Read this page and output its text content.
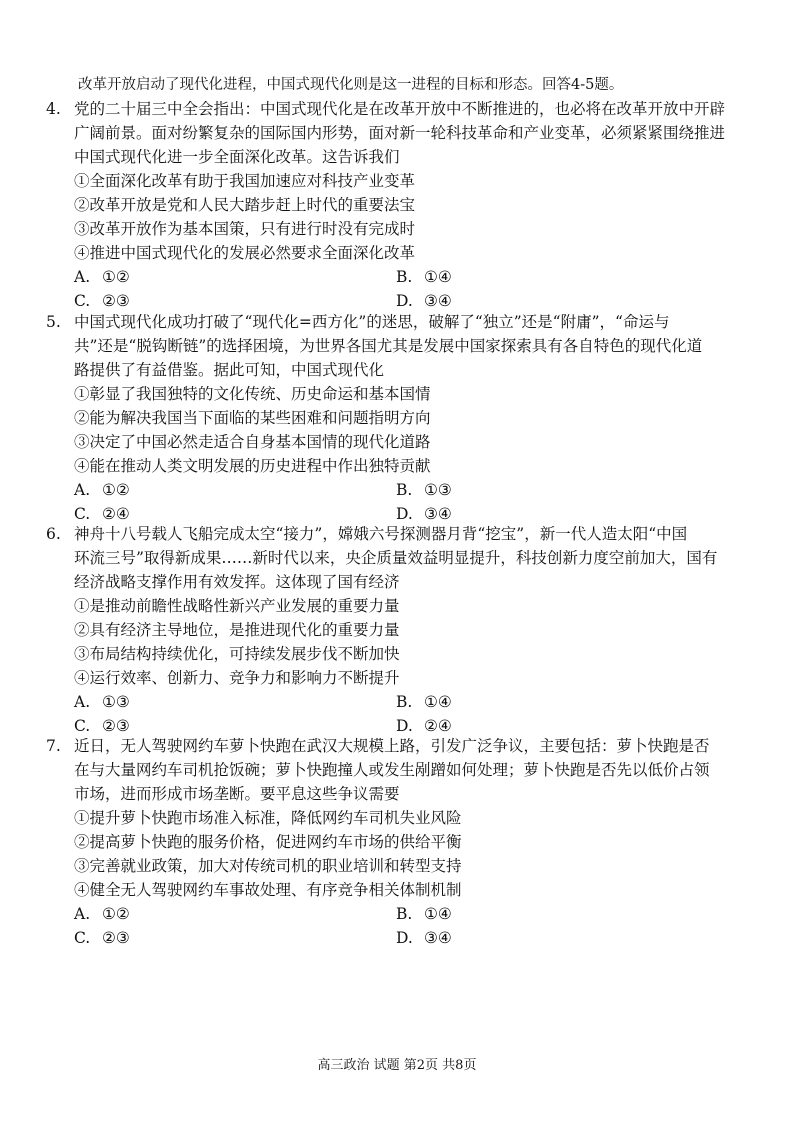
改革开放启动了现代化进程，中国式现代化则是这一进程的目标和形态。回答4-5题。
4. 党的二十届三中全会指出：中国式现代化是在改革开放中不断推进的，也必将在改革开放中开辟
广阔前景。面对纷繁复杂的国际国内形势，面对新一轮科技革命和产业变革，必须紧紧围绕推进
中国式现代化进一步全面深化改革。这告诉我们
①全面深化改革有助于我国加速应对科技产业变革
②改革开放是党和人民大踏步赶上时代的重要法宝
③改革开放作为基本国策，只有进行时没有完成时
④推进中国式现代化的发展必然要求全面深化改革
A. ①②	B. ①④
C. ②③	D. ③④
5. 中国式现代化成功打破了“现代化=西方化”的迷思，破解了“独立”还是“附庸”，“命运与
共”还是“脱钩断链”的选择困境，为世界各国尤其是发展中国家探索具有各自特色的现代化道
路提供了有益借鉴。据此可知，中国式现代化
①彰显了我国独特的文化传统、历史命运和基本国情
②能为解决我国当下面临的某些困难和问题指明方向
③决定了中国必然走适合自身基本国情的现代化道路
④能在推动人类文明发展的历史进程中作出独特贡献
A. ①②	B. ①③
C. ②④	D. ③④
6. 神舟十八号载人飞船完成太空“接力”，嫦娥六号探测器月背“挖宝”，新一代人造太阳“中国
环流三号”取得新成果……新时代以来，央企质量效益明显提升，科技创新力度空前加大，国有
经济战略支撑作用有效发挥。这体现了国有经济
①是推动前瞻性战略性新兴产业发展的重要力量
②具有经济主导地位，是推进现代化的重要力量
③布局结构持续优化，可持续发展步伐不断加快
④运行效率、创新力、竞争力和影响力不断提升
A. ①③	B. ①④
C. ②③	D. ②④
7. 近日，无人驾驶网约车萝卜快跑在武汉大规模上路，引发广泛争议，主要包括：萝卜快跑是否
在与大量网约车司机抢饭碗；萝卜快跑撞人或发生剐蹭如何处理；萝卜快跑是否先以低价占领
市场，进而形成市场垄断。要平息这些争议需要
①提升萝卜快跑市场准入标准，降低网约车司机失业风险
②提高萝卜快跑的服务价格，促进网约车市场的供给平衡
③完善就业政策，加大对传统司机的职业培训和转型支持
④健全无人驾驶网约车事故处理、有序竞争相关体制机制
A. ①②	B. ①④
C. ②③	D. ③④
高三政治 试题 第2页 共8页
